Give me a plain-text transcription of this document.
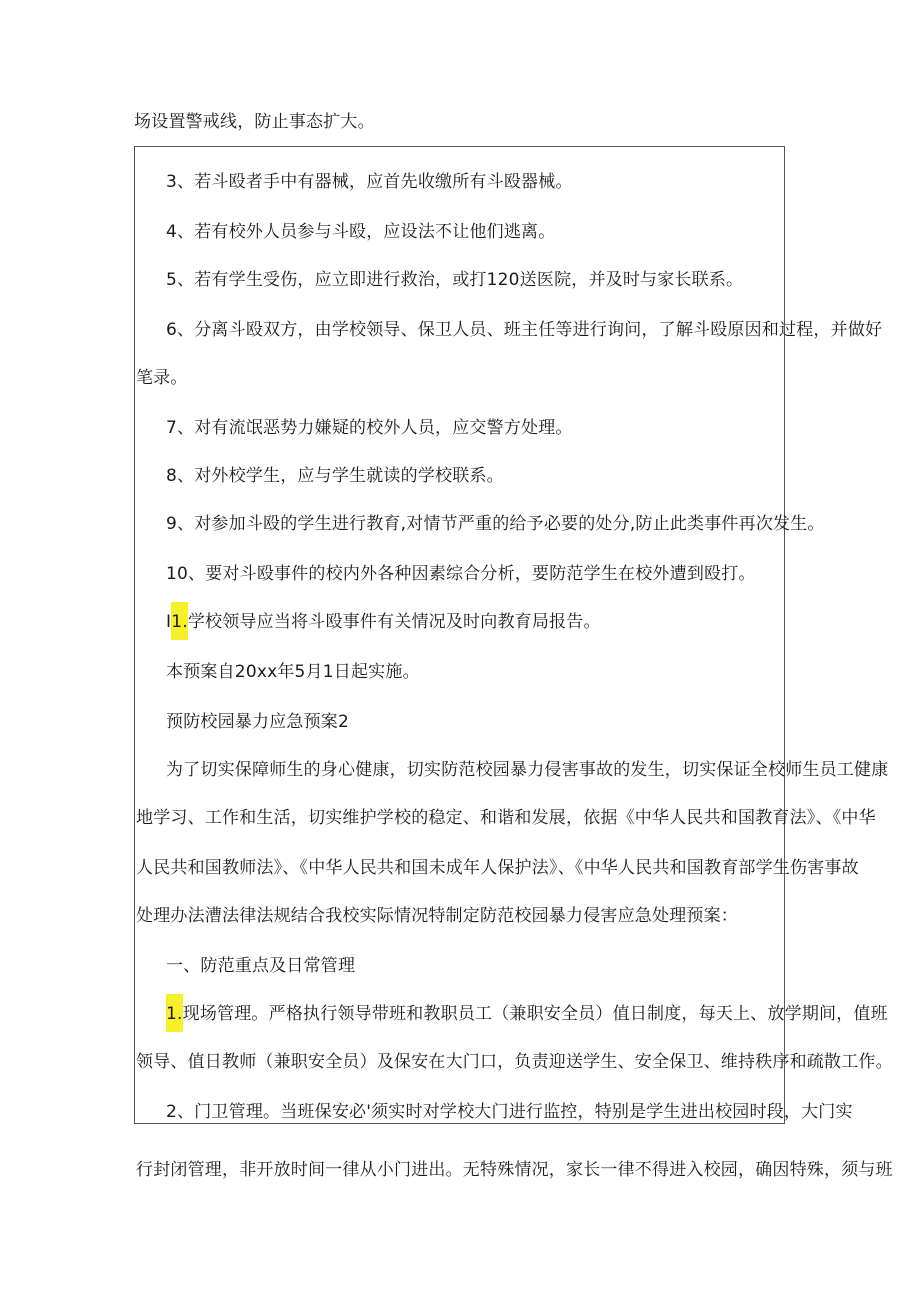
场设置警戒线，防止事态扩大。
3、若斗殴者手中有器械，应首先收缴所有斗殴器械。
4、若有校外人员参与斗殴，应设法不让他们逃离。
5、若有学生受伤，应立即进行救治，或打120送医院，并及时与家长联系。
6、分离斗殴双方，由学校领导、保卫人员、班主任等进行询问，了解斗殴原因和过程，并做好
笔录。
7、对有流氓恶势力嫌疑的校外人员，应交警方处理。
8、对外校学生，应与学生就读的学校联系。
9、对参加斗殴的学生进行教育,对情节严重的给予必要的处分,防止此类事件再次发生。
10、要对斗殴事件的校内外各种因素综合分析，要防范学生在校外遭到殴打。
I1.学校领导应当将斗殴事件有关情况及时向教育局报告。
本预案自20xx年5月1日起实施。
预防校园暴力应急预案2
为了切实保障师生的身心健康，切实防范校园暴力侵害事故的发生，切实保证全校师生员工健康
地学习、工作和生活，切实维护学校的稳定、和谐和发展，依据《中华人民共和国教育法》、《中华
人民共和国教师法》、《中华人民共和国未成年人保护法》、《中华人民共和国教育部学生伤害事故
处理办法漕法律法规结合我校实际情况特制定防范校园暴力侵害应急处理预案：
一、防范重点及日常管理
1.现场管理。严格执行领导带班和教职员工（兼职安全员）值日制度，每天上、放学期间，值班
领导、值日教师（兼职安全员）及保安在大门口，负责迎送学生、安全保卫、维持秩序和疏散工作。
2、门卫管理。当班保安必'须实时对学校大门进行监控，特别是学生进出校园时段，大门实
行封闭管理，非开放时间一律从小门进出。无特殊情况，家长一律不得进入校园，确因特殊，须与班
